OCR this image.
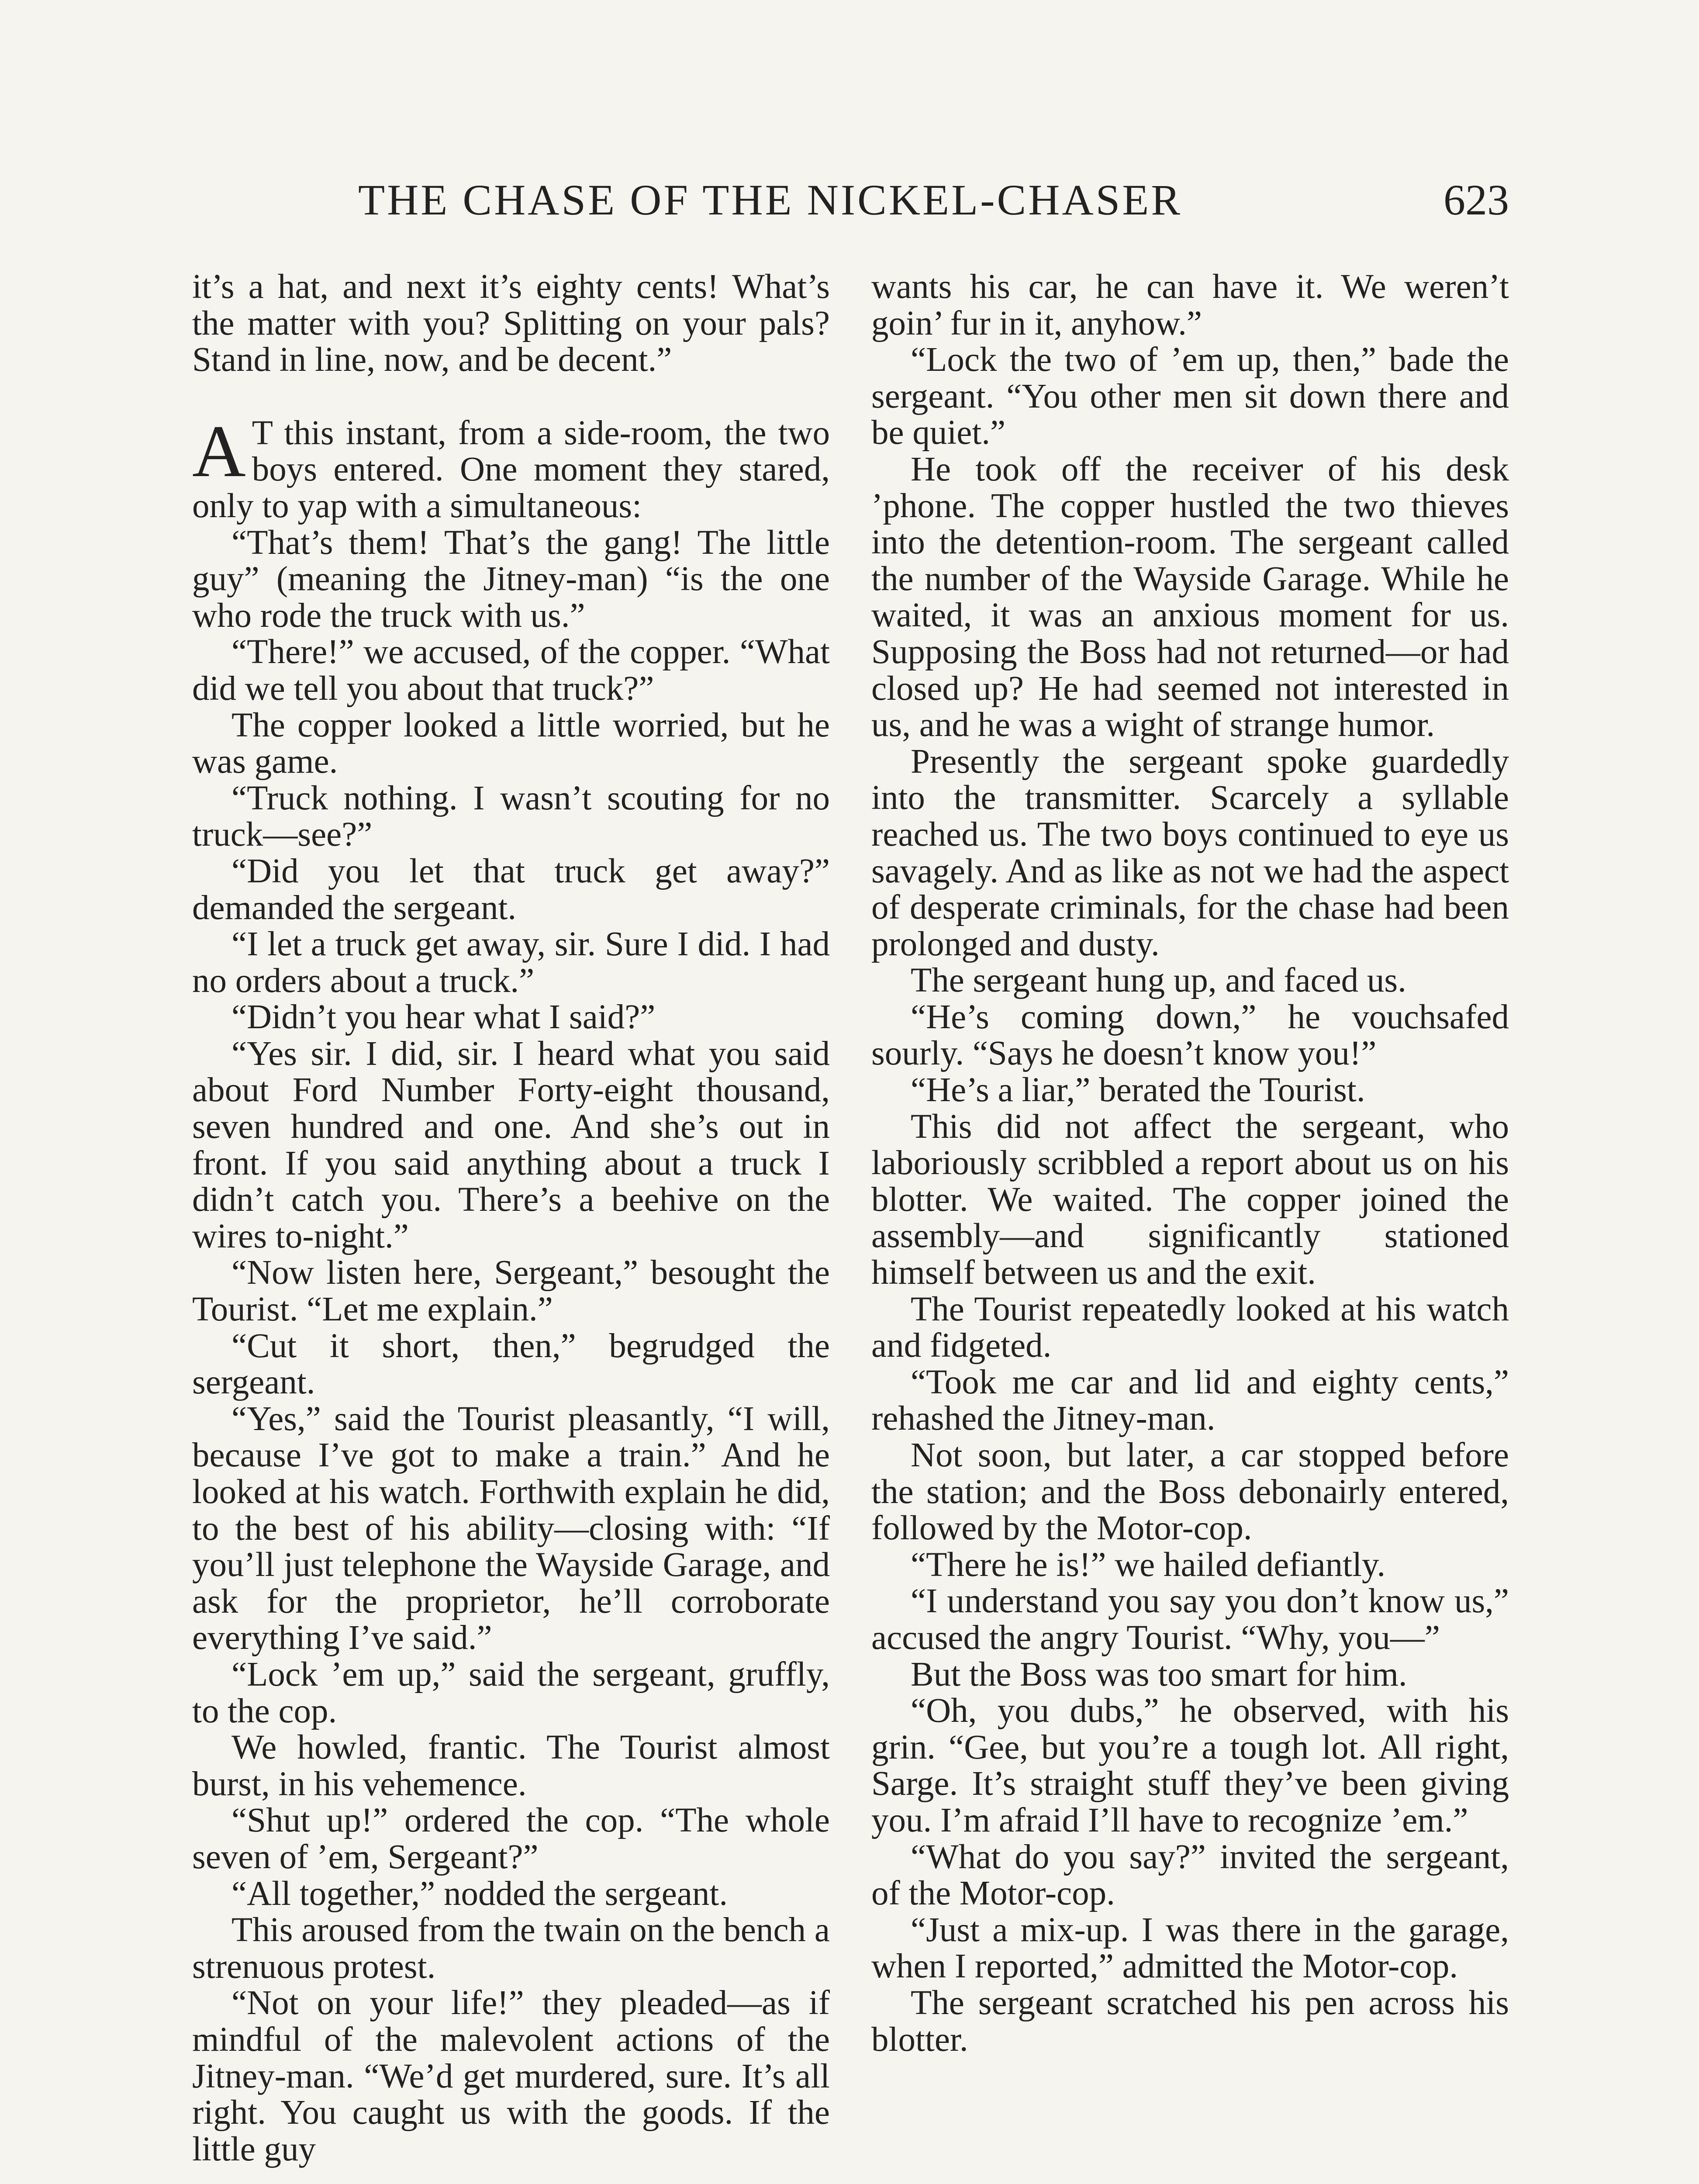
THE CHASE OF THE NICKEL-CHASER	623

it’s a hat, and next it’s eighty cents! What’s the matter with you? Splitting on your pals? Stand in line, now, and be decent.”

A T this instant, from a side-room, the two boys entered. One moment they stared, only to yap with a simultaneous:

“That’s them! That’s the gang! The little guy” (meaning the Jitney-man) “is the one who rode the truck with us.”

“There!” we accused, of the copper. “What did we tell you about that truck?”

The copper looked a little worried, but he was game.

“Truck nothing. I wasn’t scouting for no truck—see?”

“Did you let that truck get away?” demanded the sergeant.

“I let a truck get away, sir. Sure I did. I had no orders about a truck.”

“Didn’t you hear what I said?”

“Yes sir. I did, sir. I heard what you said about Ford Number Forty-eight thousand, seven hundred and one. And she’s out in front. If you said anything about a truck I didn’t catch you. There’s a beehive on the wires to-night.”

“Now listen here, Sergeant,” besought the Tourist. “Let me explain.”

“Cut it short, then,” begrudged the sergeant.

“Yes,” said the Tourist pleasantly, “I will, because I’ve got to make a train.” And he looked at his watch. Forthwith explain he did, to the best of his ability—closing with: “If you’ll just telephone the Wayside Garage, and ask for the proprietor, he’ll corroborate everything I’ve said.”

“Lock ’em up,” said the sergeant, gruffly, to the cop.

We howled, frantic. The Tourist almost burst, in his vehemence.

“Shut up!” ordered the cop. “The whole seven of ’em, Sergeant?”

“All together,” nodded the sergeant.

This aroused from the twain on the bench a strenuous protest.

“Not on your life!” they pleaded—as if mindful of the malevolent actions of the Jitney-man. “We’d get murdered, sure. It’s all right. You caught us with the goods. If the little guy

wants his car, he can have it. We weren’t goin’ fur in it, anyhow.”

“Lock the two of ’em up, then,” bade the sergeant. “You other men sit down there and be quiet.”

He took off the receiver of his desk ’phone. The copper hustled the two thieves into the detention-room. The sergeant called the number of the Wayside Garage. While he waited, it was an anxious moment for us. Supposing the Boss had not returned—or had closed up? He had seemed not interested in us, and he was a wight of strange humor.

Presently the sergeant spoke guardedly into the transmitter. Scarcely a syllable reached us. The two boys continued to eye us savagely. And as like as not we had the aspect of desperate criminals, for the chase had been prolonged and dusty.

The sergeant hung up, and faced us.

“He’s coming down,” he vouchsafed sourly. “Says he doesn’t know you!”

“He’s a liar,” berated the Tourist.

This did not affect the sergeant, who laboriously scribbled a report about us on his blotter. We waited. The copper joined the assembly—and significantly stationed himself between us and the exit.

The Tourist repeatedly looked at his watch and fidgeted.

“Took me car and lid and eighty cents,” rehashed the Jitney-man.

Not soon, but later, a car stopped before the station; and the Boss debonairly entered, followed by the Motor-cop.

“There he is!” we hailed defiantly.

“I understand you say you don’t know us,” accused the angry Tourist. “Why, you—”

But the Boss was too smart for him.

“Oh, you dubs,” he observed, with his grin. “Gee, but you’re a tough lot. All right, Sarge. It’s straight stuff they’ve been giving you. I’m afraid I’ll have to recognize ’em.”

“What do you say?” invited the sergeant, of the Motor-cop.

“Just a mix-up. I was there in the garage, when I reported,” admitted the Motor-cop.

The sergeant scratched his pen across his blotter.
